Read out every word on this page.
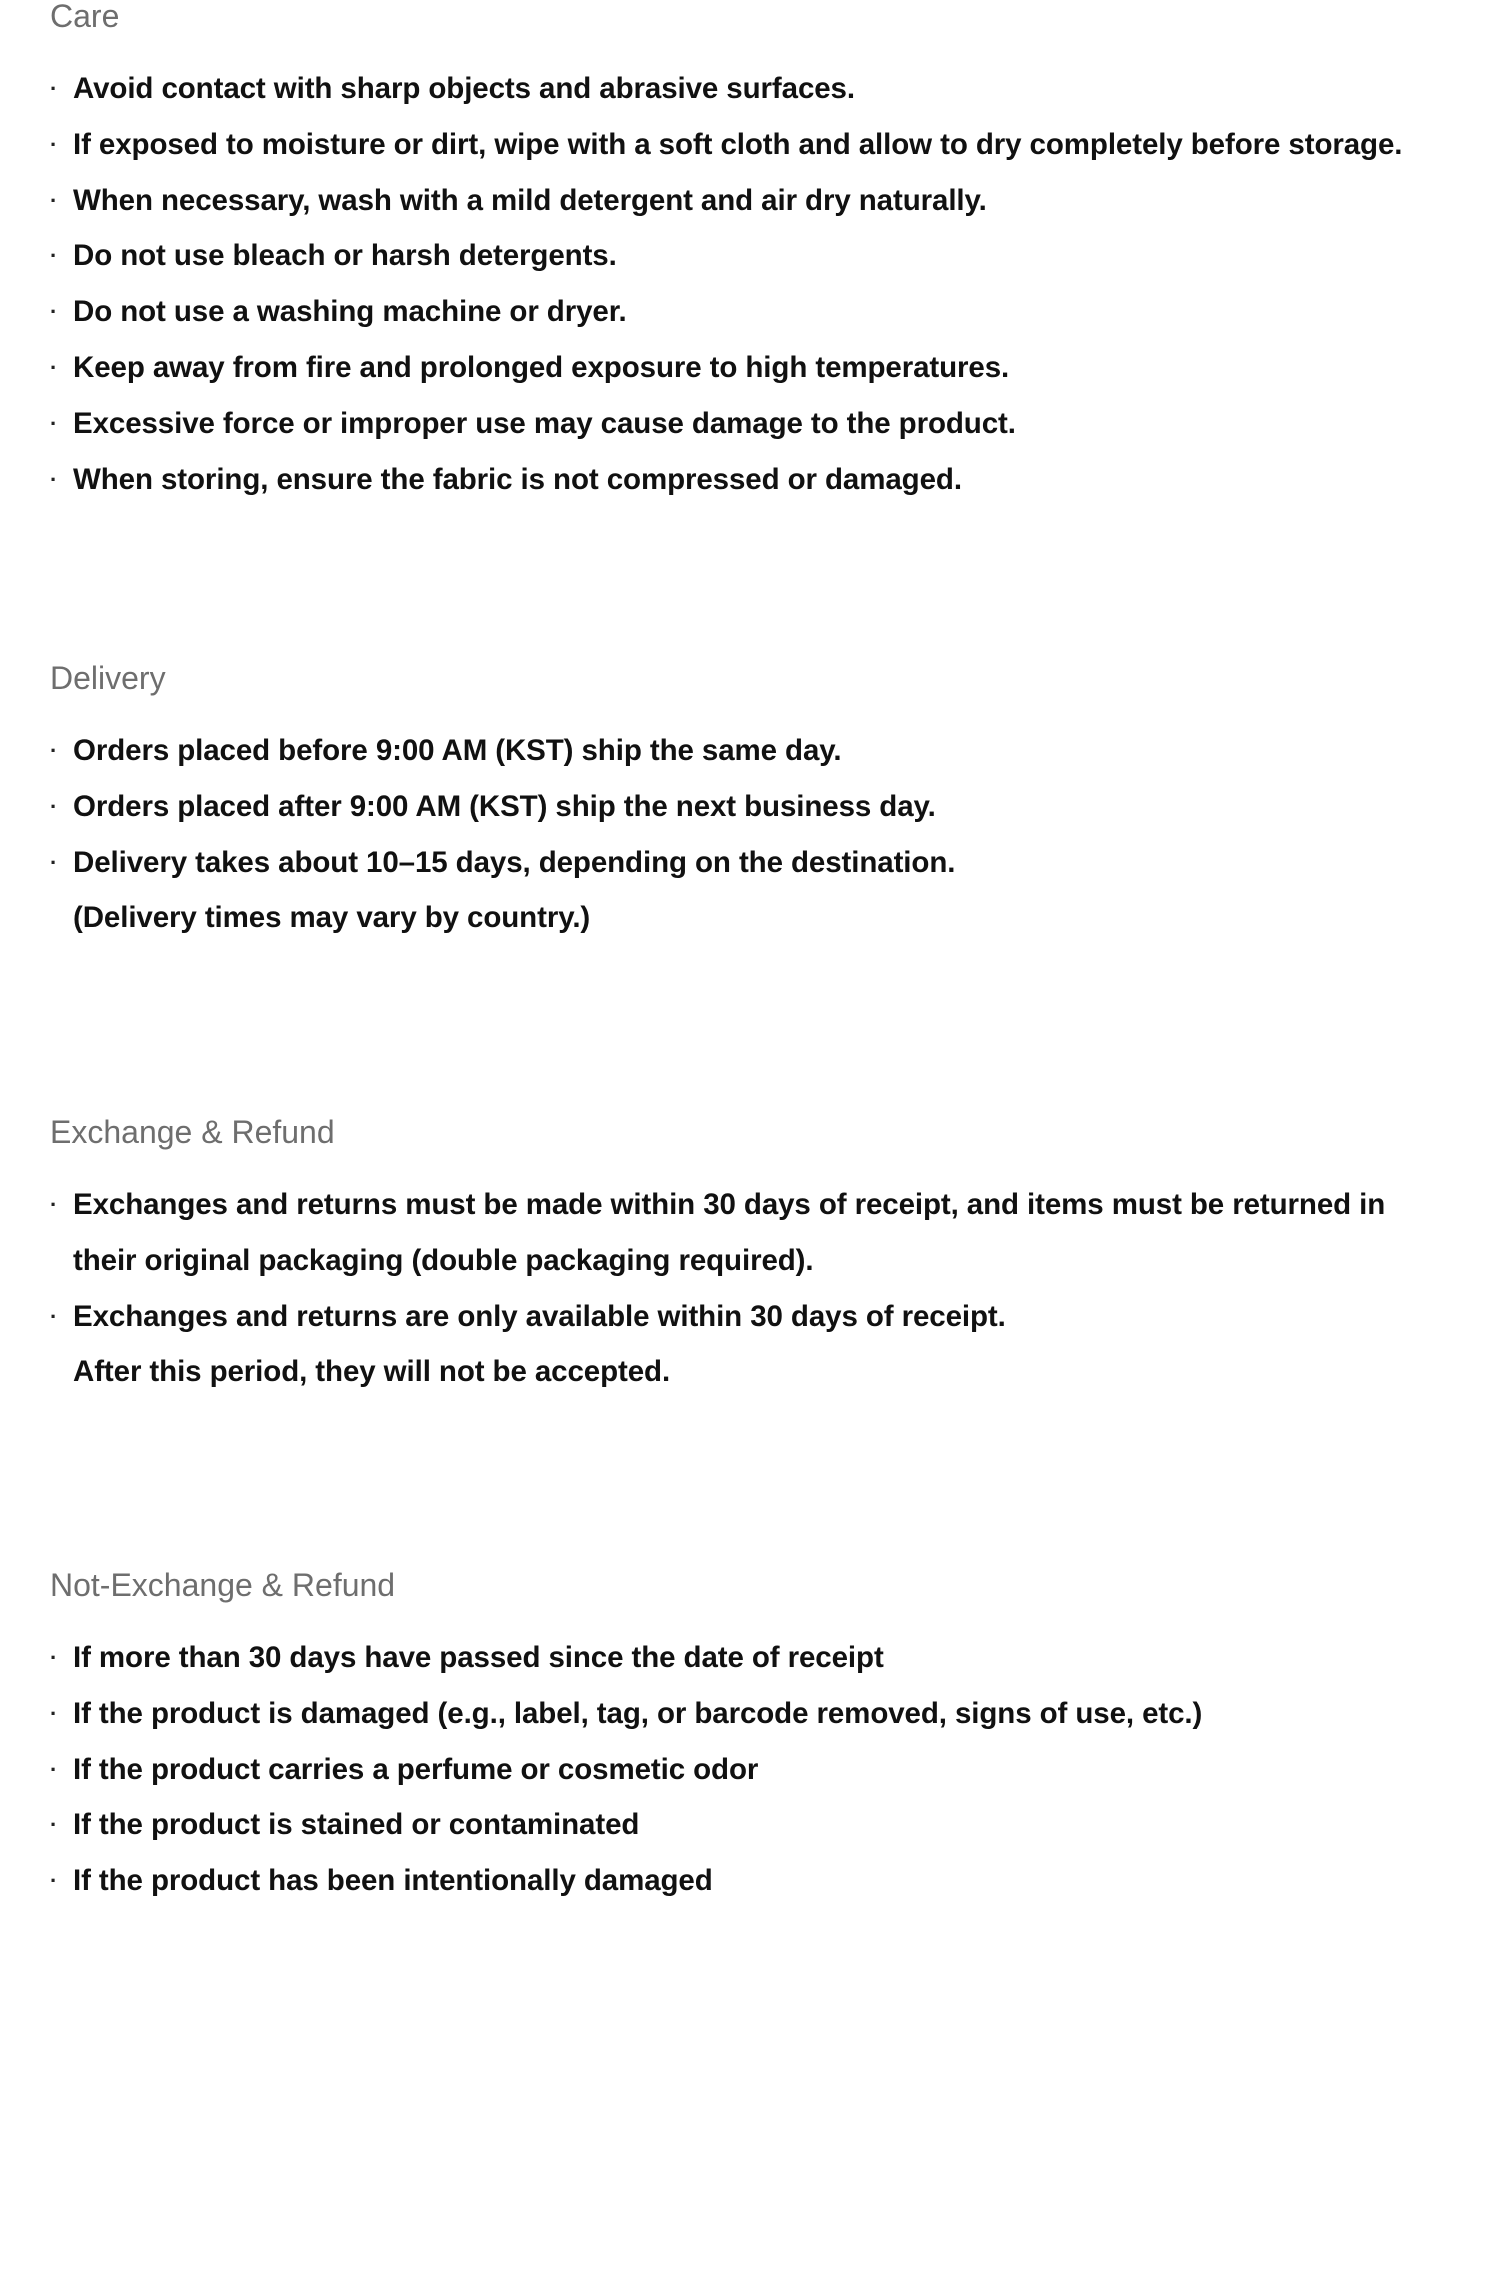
Care
·
Avoid contact with sharp objects and abrasive surfaces.
·
If exposed to moisture or dirt, wipe with a soft cloth and allow to dry completely before storage.
·
When necessary, wash with a mild detergent and air dry naturally.
·
Do not use bleach or harsh detergents.
·
Do not use a washing machine or dryer.
·
Keep away from fire and prolonged exposure to high temperatures.
·
Excessive force or improper use may cause damage to the product.
·
When storing, ensure the fabric is not compressed or damaged.
Delivery
·
Orders placed before 9:00 AM (KST) ship the same day.
·
Orders placed after 9:00 AM (KST) ship the next business day.
·
Delivery takes about 10–15 days, depending on the destination.
(Delivery times may vary by country.)
Exchange & Refund
·
Exchanges and returns must be made within 30 days of receipt, and items must be returned in
their original packaging (double packaging required).
·
Exchanges and returns are only available within 30 days of receipt.
After this period, they will not be accepted.
Not-Exchange & Refund
·
If more than 30 days have passed since the date of receipt
·
If the product is damaged (e.g., label, tag, or barcode removed, signs of use, etc.)
·
If the product carries a perfume or cosmetic odor
·
If the product is stained or contaminated
·
If the product has been intentionally damaged
